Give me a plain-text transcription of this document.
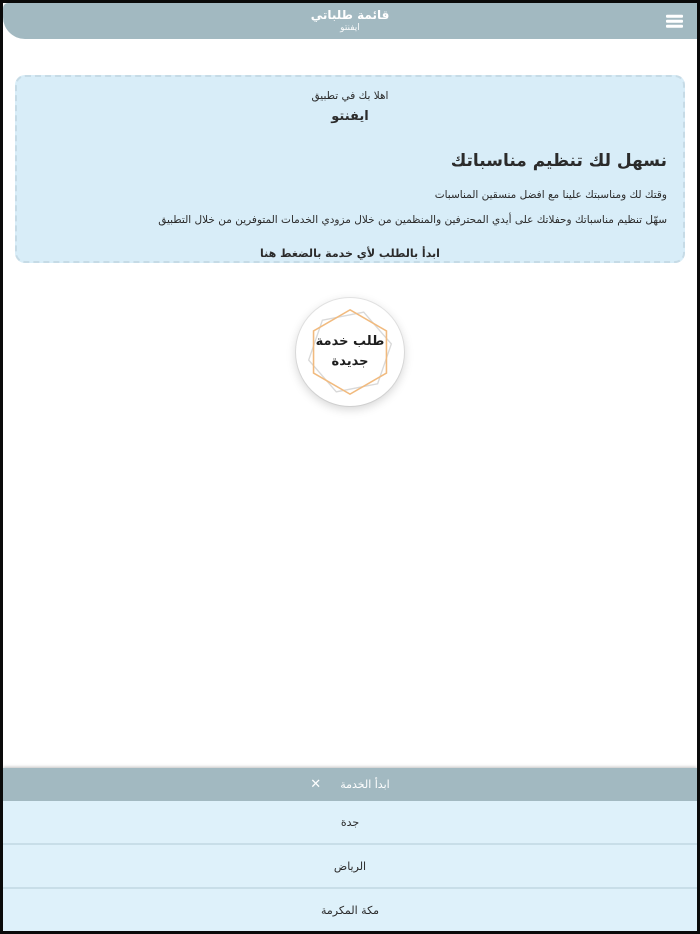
قائمة طلباتي
ايفنتو

اهلا بك في تطبيق

ايفنتو

نسهل لك تنظيم مناسباتك

وقتك لك ومناسبتك علينا مع افضل منسقين المناسبات

سهّل تنظيم مناسباتك وحفلاتك على أيدي المحترفين والمنظمين من خلال مزودي الخدمات المتوفرين من خلال التطبيق

ابدأ بالطلب لأي خدمة بالضغط هنا

طلب خدمة
جديدة
✕ ابدأ الخدمة
جدة
الرياض
مكة المكرمة
